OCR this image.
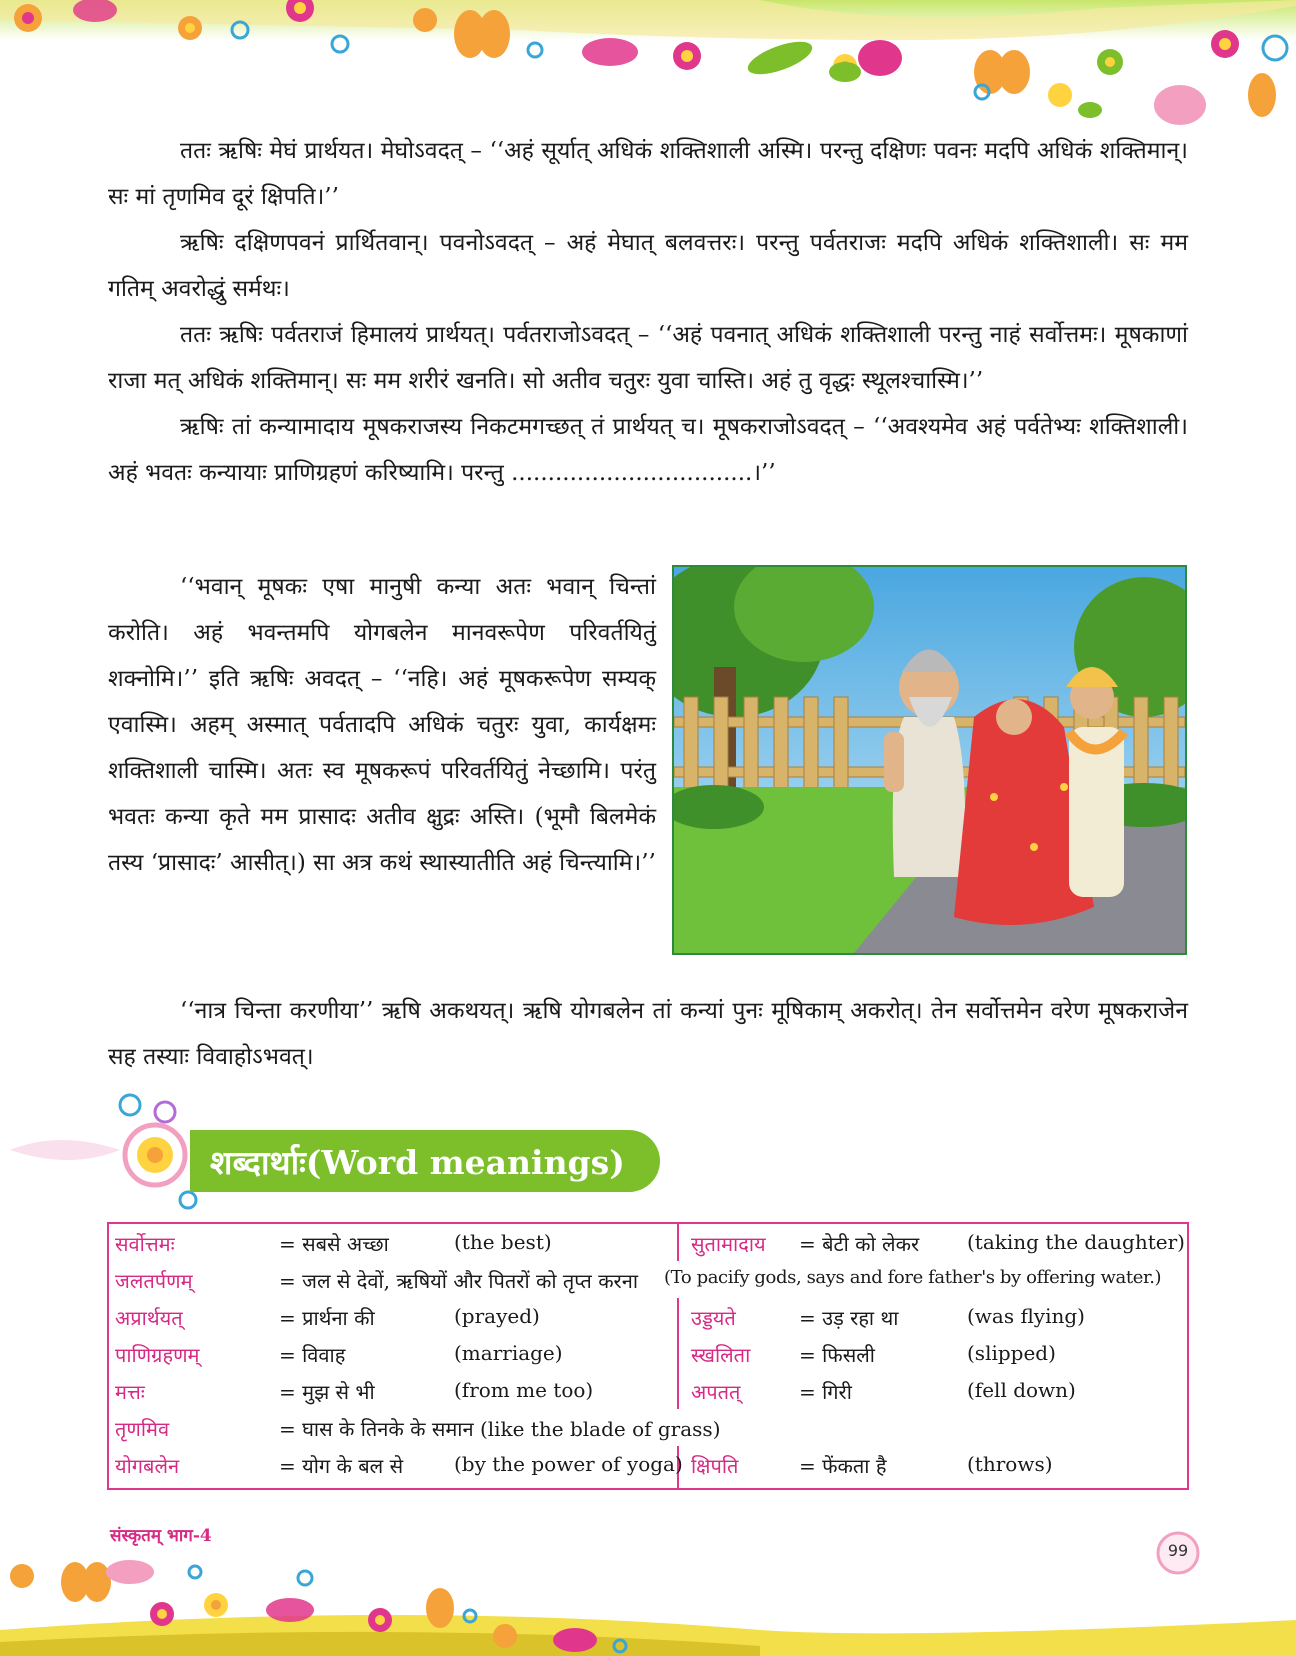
ततः ऋषिः मेघं प्रार्थयत। मेघोऽवदत् – ‘‘अहं सूर्यात् अधिकं शक्तिशाली अस्मि। परन्तु दक्षिणः पवनः मदपि अधिकं शक्तिमान्। सः मां तृणमिव दूरं क्षिपति।’’

ऋषिः दक्षिणपवनं प्रार्थितवान्। पवनोऽवदत् – अहं मेघात् बलवत्तरः। परन्तु पर्वतराजः मदपि अधिकं शक्तिशाली। सः मम गतिम् अवरोद्धुं सर्मथः।

ततः ऋषिः पर्वतराजं हिमालयं प्रार्थयत्। पर्वतराजोऽवदत् – ‘‘अहं पवनात् अधिकं शक्तिशाली परन्तु नाहं सर्वोत्तमः। मूषकाणां राजा मत् अधिकं शक्तिमान्। सः मम शरीरं खनति। सो अतीव चतुरः युवा चास्ति। अहं तु वृद्धः स्थूलश्चास्मि।’’

ऋषिः तां कन्यामादाय मूषकराजस्य निकटमगच्छत् तं प्रार्थयत् च। मूषकराजोऽवदत् – ‘‘अवश्यमेव अहं पर्वतेभ्यः शक्तिशाली। अहं भवतः कन्यायाः प्राणिग्रहणं करिष्यामि। परन्तु .................................।’’

‘‘भवान् मूषकः एषा मानुषी कन्या अतः भवान् चिन्तां करोति। अहं भवन्तमपि योगबलेन मानवरूपेण परिवर्तयितुं शक्नोमि।’’ इति ऋषिः अवदत् – ‘‘नहि। अहं मूषकरूपेण सम्यक् एवास्मि। अहम् अस्मात् पर्वतादपि अधिकं चतुरः युवा, कार्यक्षमः शक्तिशाली चास्मि। अतः स्व मूषकरूपं परिवर्तयितुं नेच्छामि। परंतु भवतः कन्या कृते मम प्रासादः अतीव क्षुद्रः अस्ति। (भूमौ बिलमेकं तस्य ‘प्रासादः’ आसीत्।) सा अत्र कथं स्थास्यातीति अहं चिन्त्यामि।’’

‘‘नात्र चिन्ता करणीया’’ ऋषि अकथयत्। ऋषि योगबलेन तां कन्यां पुनः मूषिकाम् अकरोत्। तेन सर्वोत्तमेन वरेण मूषकराजेन सह तस्याः विवाहोऽभवत्।

शब्दार्थाः(Word meanings)
सर्वोत्तमः	= सबसे अच्छा	(the best)	सुतामादाय = बेटी को लेकर (taking the daughter)
जलतर्पणम्	= जल से देवों, ऋषियों और पितरों को तृप्त करना (To pacify gods, says and fore father's by offering water.)
अप्रार्थयत्	= प्रार्थना की	(prayed)	उड्डयते	= उड़ रहा था	(was flying)
पाणिग्रहणम्	= विवाह	(marriage)	स्खलिता = फिसली	(slipped)
मत्तः	= मुझ से भी	(from me too)	अपतत्	= गिरी	(fell down)
तृणमिव	= घास के तिनके के समान (like the blade of grass)
योगबलेन	= योग के बल से	(by the power of yoga) क्षिपति	= फेंकता है	(throws)
संस्कृतम् भाग-4
99
